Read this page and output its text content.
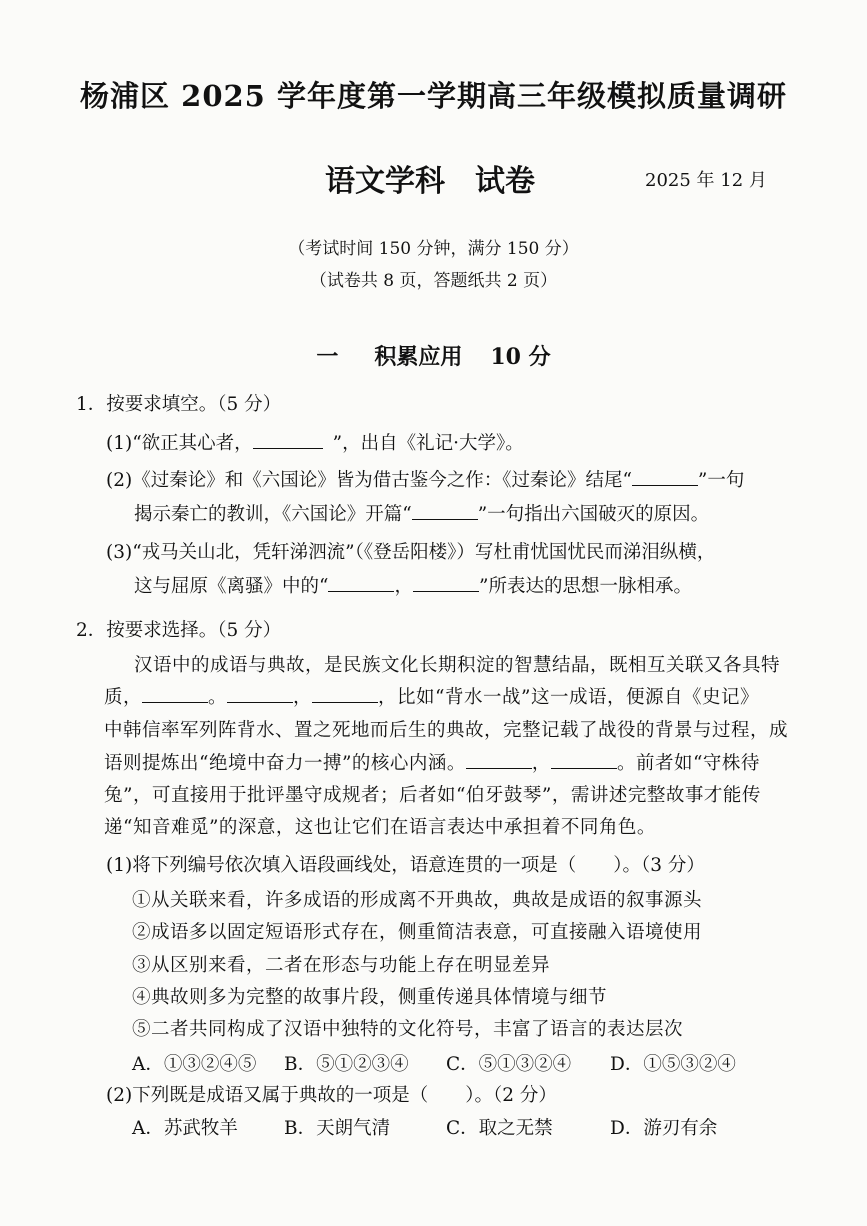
杨浦区 2025 学年度第一学期高三年级模拟质量调研
语文学科 试卷	2025 年 12 月
（考试时间 150 分钟，满分 150 分）
（试卷共 8 页，答题纸共 2 页）
一 积累应用 10 分
1．按要求填空。（5 分）
(1)“欲正其心者，	”，出自《礼记·大学》。
(2)《过秦论》和《六国论》皆为借古鉴今之作：《过秦论》结尾“	”一句
揭示秦亡的教训，《六国论》开篇“	”一句指出六国破灭的原因。
(3)“戎马关山北，凭轩涕泗流”（《登岳阳楼》）写杜甫忧国忧民而涕泪纵横，
这与屈原《离骚》中的“	，	”所表达的思想一脉相承。
2．按要求选择。（5 分）
汉语中的成语与典故，是民族文化长期积淀的智慧结晶，既相互关联又各具特
质，	。	，	，比如“背水一战”这一成语，便源自《史记》
中韩信率军列阵背水、置之死地而后生的典故，完整记载了战役的背景与过程，成
语则提炼出“绝境中奋力一搏”的核心内涵。	，	。前者如“守株待
兔”，可直接用于批评墨守成规者；后者如“伯牙鼓琴”，需讲述完整故事才能传
递“知音难觅”的深意，这也让它们在语言表达中承担着不同角色。
(1)将下列编号依次填入语段画线处，语意连贯的一项是（　　）。（3 分）
①从关联来看，许多成语的形成离不开典故，典故是成语的叙事源头
②成语多以固定短语形式存在，侧重简洁表意，可直接融入语境使用
③从区别来看，二者在形态与功能上存在明显差异
④典故则多为完整的故事片段，侧重传递具体情境与细节
⑤二者共同构成了汉语中独特的文化符号，丰富了语言的表达层次
A．①③②④⑤ B．⑤①②③④ C．⑤①③②④ D．①⑤③②④
(2)下列既是成语又属于典故的一项是（　　）。（2 分）
A．苏武牧羊 B．天朗气清	C．取之无禁	D．游刃有余
